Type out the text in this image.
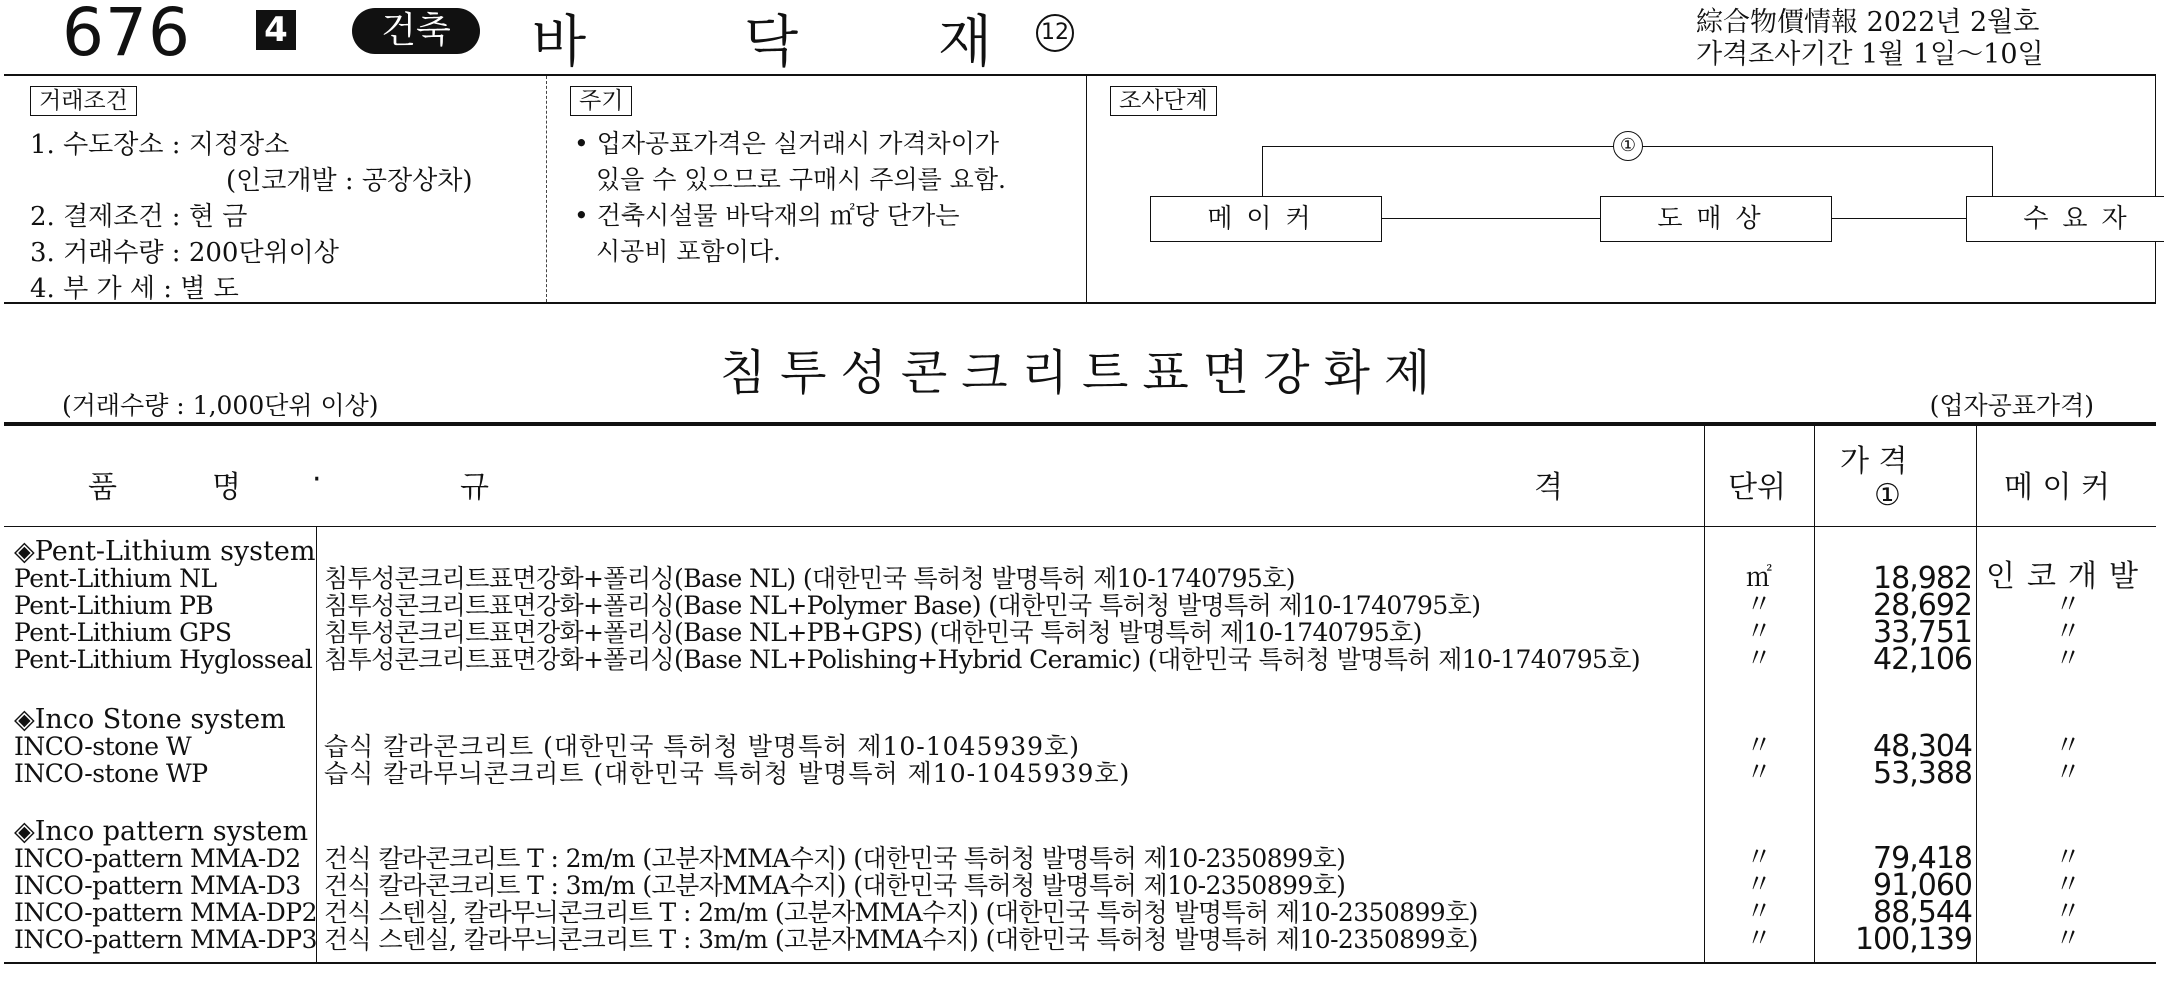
676 4	건축	바	닥 재 12	綜合物價情報 2022년 2월호
가격조사기간 1월 1일～10일
거래조건
1. 수도장소 : 지정장소
(인코개발 : 공장상차)
2. 결제조건 : 현 금
3. 거래수량 : 200단위이상
4. 부 가 세 : 별 도
주기
• 업자공표가격은 실거래시 가격차이가
있을 수 있으므로 구매시 주의를 요함.
• 건축시설물 바닥재의 ㎡당 단가는
시공비 포함이다.
조사단계
①
메이커	도매상	수요자
침투성콘크리트표면강화제
(거래수량 : 1,000단위 이상)	(업자공표가격)
품	명 ·	규	격	단위
가 격
①	메 이 커
◈Pent-Lithium system
Pent-Lithium NL	침투성콘크리트표면강화+폴리싱(Base NL) (대한민국 특허청 발명특허 제10-1740795호)	㎡	18,982 인코개발
Pent-Lithium PB	침투성콘크리트표면강화+폴리싱(Base NL+Polymer Base) (대한민국 특허청 발명특허 제10-1740795호)	〃	28,692	〃
Pent-Lithium GPS	침투성콘크리트표면강화+폴리싱(Base NL+PB+GPS) (대한민국 특허청 발명특허 제10-1740795호)	〃	33,751	〃
Pent-Lithium Hyglosseal 침투성콘크리트표면강화+폴리싱(Base NL+Polishing+Hybrid Ceramic) (대한민국 특허청 발명특허 제10-1740795호)	〃	42,106	〃
◈Inco Stone system
INCO-stone W	습식 칼라콘크리트 (대한민국 특허청 발명특허 제10-1045939호)	〃	48,304	〃
INCO-stone WP	습식 칼라무늬콘크리트 (대한민국 특허청 발명특허 제10-1045939호)	〃	53,388	〃
◈Inco pattern system
INCO-pattern MMA-D2 건식 칼라콘크리트 T : 2m/m (고분자MMA수지) (대한민국 특허청 발명특허 제10-2350899호)	〃	79,418	〃
INCO-pattern MMA-D3 건식 칼라콘크리트 T : 3m/m (고분자MMA수지) (대한민국 특허청 발명특허 제10-2350899호)	〃	91,060	〃
INCO-pattern MMA-DP2 건식 스텐실, 칼라무늬콘크리트 T : 2m/m (고분자MMA수지) (대한민국 특허청 발명특허 제10-2350899호)	〃	88,544	〃
INCO-pattern MMA-DP3 건식 스텐실, 칼라무늬콘크리트 T : 3m/m (고분자MMA수지) (대한민국 특허청 발명특허 제10-2350899호)	〃	100,139	〃
